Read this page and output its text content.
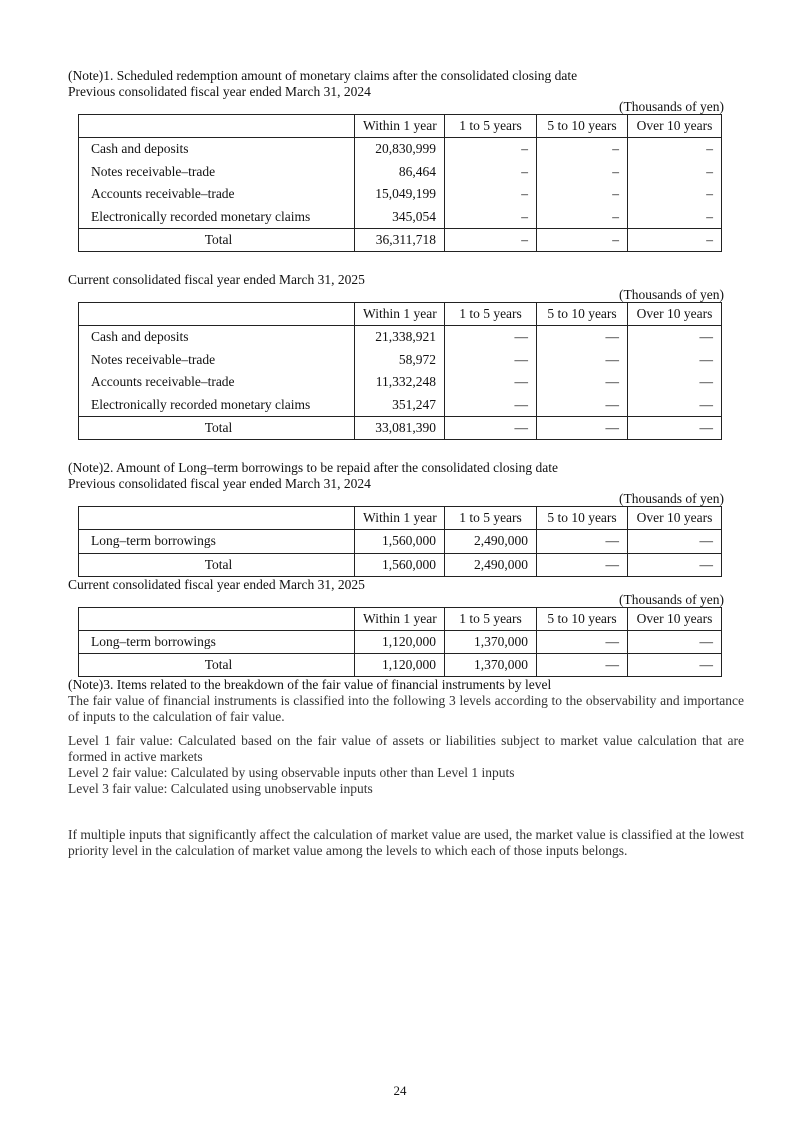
(Note)1. Scheduled redemption amount of monetary claims after the consolidated closing date
Previous consolidated fiscal year ended March 31, 2024
(Thousands of yen)
	Within 1 year	1 to 5 years	5 to 10 years	Over 10 years
Cash and deposits	20,830,999	–	–	–
Notes receivable–trade	86,464	–	–	–
Accounts receivable–trade	15,049,199	–	–	–
Electronically recorded monetary claims	345,054	–	–	–
Total	36,311,718	–	–	–
Current consolidated fiscal year ended March 31, 2025
(Thousands of yen)
	Within 1 year	1 to 5 years	5 to 10 years	Over 10 years
Cash and deposits	21,338,921	—	—	—
Notes receivable–trade	58,972	—	—	—
Accounts receivable–trade	11,332,248	—	—	—
Electronically recorded monetary claims	351,247	—	—	—
Total	33,081,390	—	—	—
(Note)2. Amount of Long–term borrowings to be repaid after the consolidated closing date
Previous consolidated fiscal year ended March 31, 2024
(Thousands of yen)
	Within 1 year	1 to 5 years	5 to 10 years	Over 10 years
Long–term borrowings	1,560,000	2,490,000	—	—
Total	1,560,000	2,490,000	—	—
Current consolidated fiscal year ended March 31, 2025
(Thousands of yen)
	Within 1 year	1 to 5 years	5 to 10 years	Over 10 years
Long–term borrowings	1,120,000	1,370,000	—	—
Total	1,120,000	1,370,000	—	—
(Note)3. Items related to the breakdown of the fair value of financial instruments by level
The fair value of financial instruments is classified into the following 3 levels according to the observability and importance of inputs to the calculation of fair value.
Level 1 fair value: Calculated based on the fair value of assets or liabilities subject to market value calculation that are formed in active markets
Level 2 fair value: Calculated by using observable inputs other than Level 1 inputs
Level 3 fair value: Calculated using unobservable inputs
If multiple inputs that significantly affect the calculation of market value are used, the market value is classified at the lowest priority level in the calculation of market value among the levels to which each of those inputs belongs.
24
